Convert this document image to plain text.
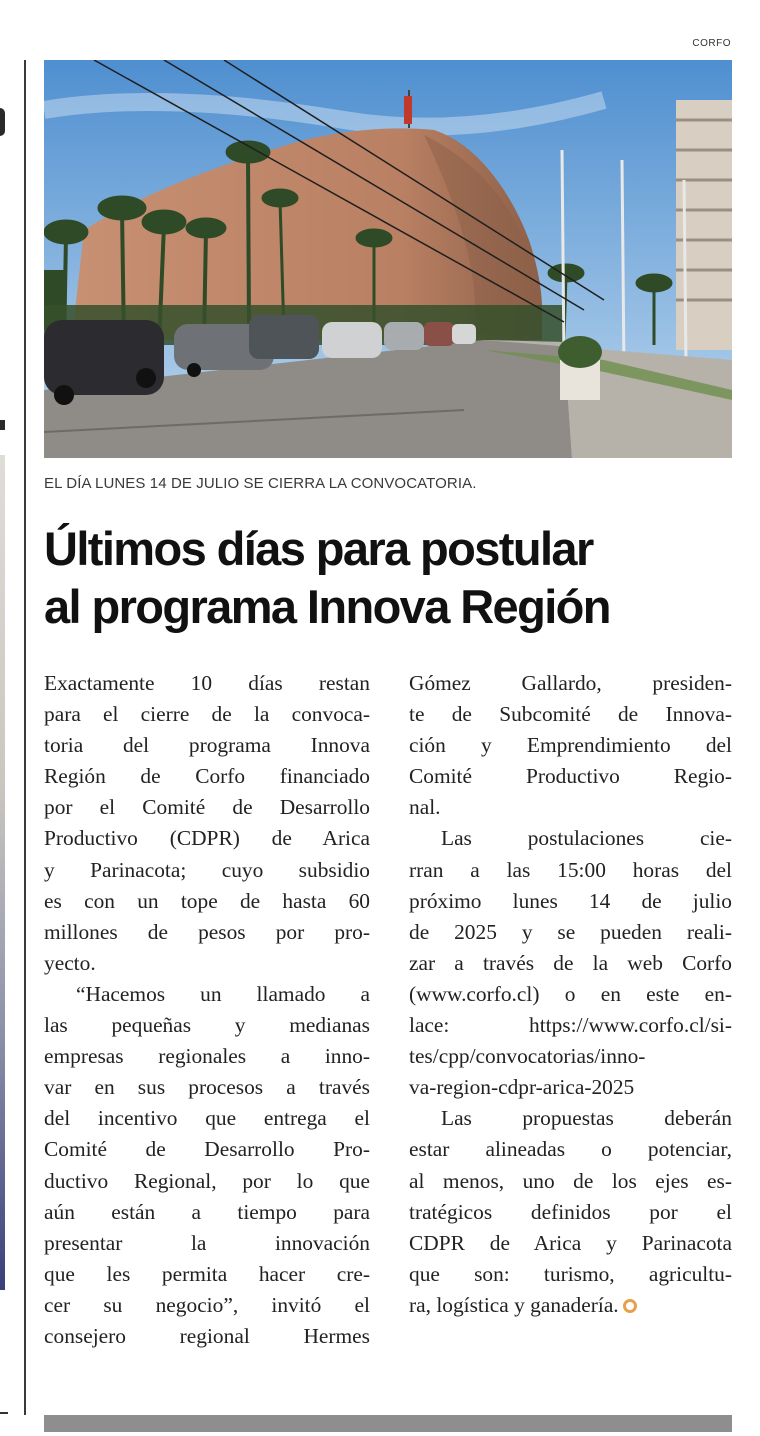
CORFO
EL DÍA LUNES 14 DE JULIO SE CIERRA LA CONVOCATORIA.
Últimos días para postular
al programa Innova Región
Exactamente 10 días restan
para el cierre de la convoca-
toria del programa Innova
Región de Corfo financiado
por el Comité de Desarrollo
Productivo (CDPR) de Arica
y Parinacota; cuyo subsidio
es con un tope de hasta 60
millones de pesos por pro-
yecto.
“Hacemos un llamado a
las pequeñas y medianas
empresas regionales a inno-
var en sus procesos a través
del incentivo que entrega el
Comité de Desarrollo Pro-
ductivo Regional, por lo que
aún están a tiempo para
presentar la innovación
que les permita hacer cre-
cer su negocio”, invitó el
consejero regional Hermes
Gómez Gallardo, presiden-
te de Subcomité de Innova-
ción y Emprendimiento del
Comité Productivo Regio-
nal.
Las postulaciones cie-
rran a las 15:00 horas del
próximo lunes 14 de julio
de 2025 y se pueden reali-
zar a través de la web Corfo
(www.corfo.cl) o en este en-
lace: https://www.corfo.cl/si-
tes/cpp/convocatorias/inno-
va-region-cdpr-arica-2025
Las propuestas deberán
estar alineadas o potenciar,
al menos, uno de los ejes es-
tratégicos definidos por el
CDPR de Arica y Parinacota
que son: turismo, agricultu-
ra, logística y ganadería.
